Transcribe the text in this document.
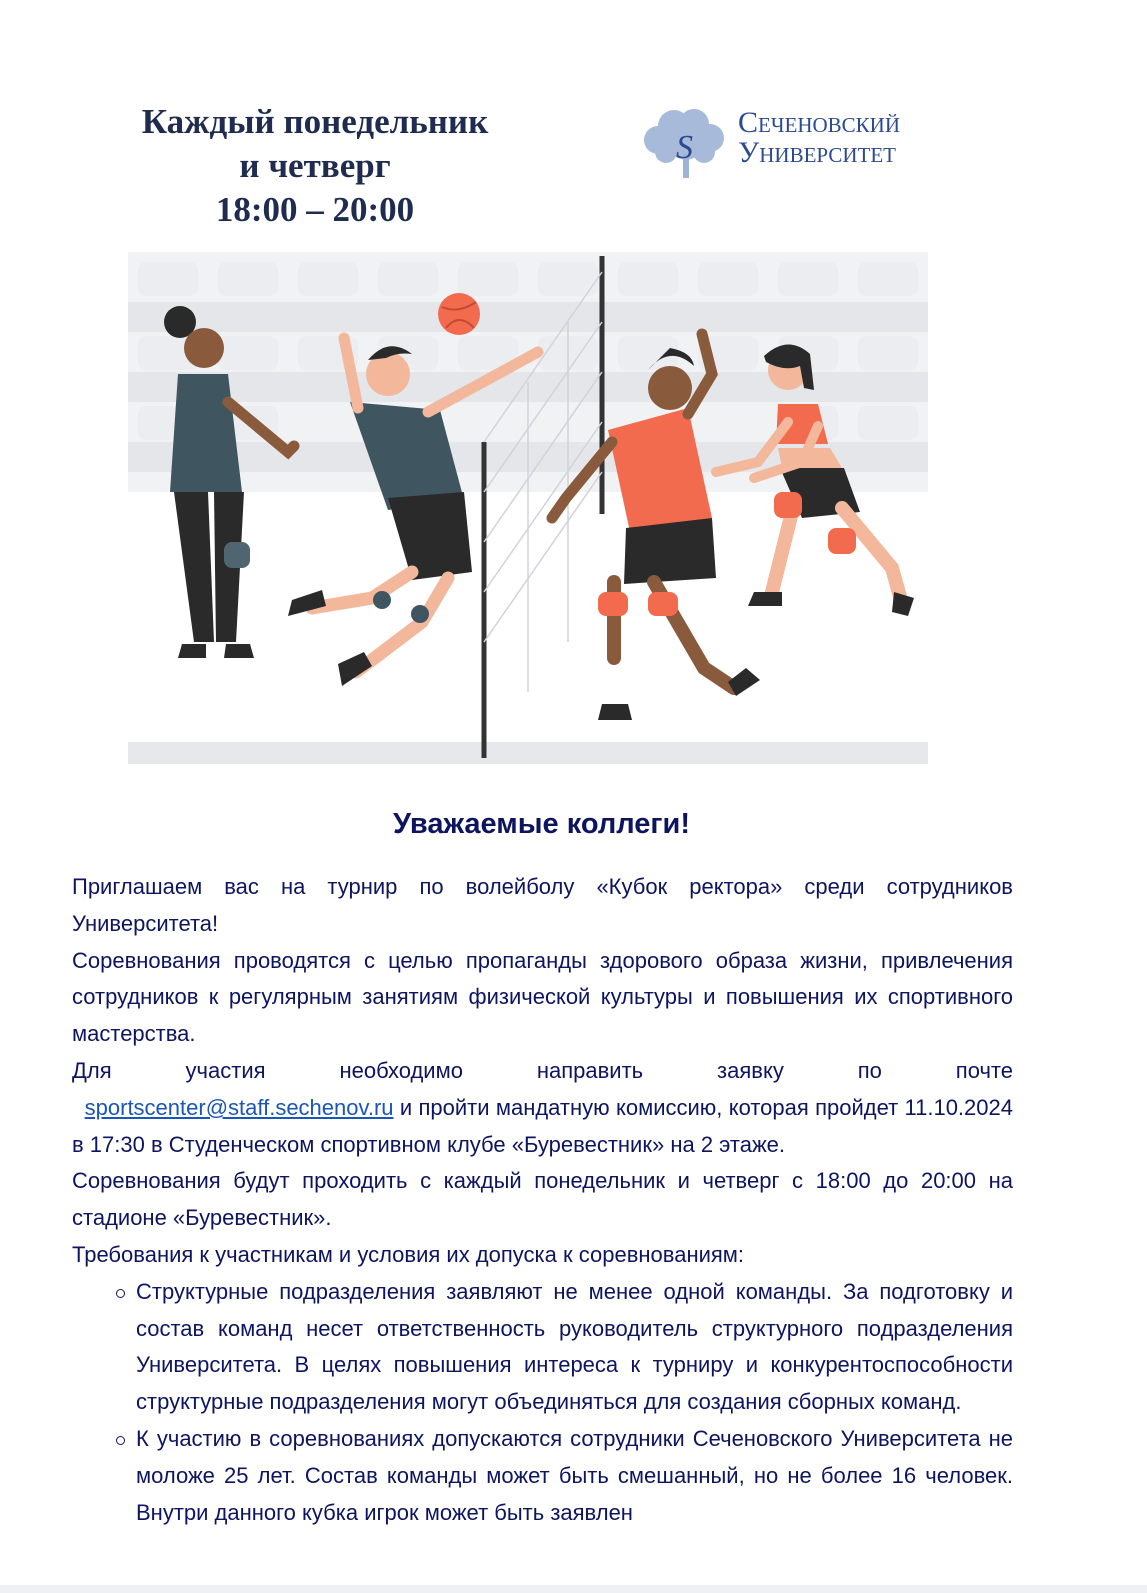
Каждый понедельник
и четверг
18:00 – 20:00
S
Сеченовский
Университет
Уважаемые коллеги!

Приглашаем вас на турнир по волейболу «Кубок ректора» среди сотрудников Университета!

Соревнования проводятся с целью пропаганды здорового образа жизни, привлечения сотрудников к регулярным занятиям физической культуры и повышения их спортивного мастерства.

Для участия необходимо направить заявку по почте

sportscenter@staff.sechenov.ru и пройти мандатную комиссию, которая пройдет 11.10.2024 в 17:30 в Студенческом спортивном клубе «Буревестник» на 2 этаже.

Соревнования будут проходить с каждый понедельник и четверг с 18:00 до 20:00 на стадионе «Буревестник».

Требования к участникам и условия их допуска к соревнованиям:

Структурные подразделения заявляют не менее одной команды. За подготовку и состав команд несет ответственность руководитель структурного подразделения Университета. В целях повышения интереса к турниру и конкурентоспособности структурные подразделения могут объединяться для создания сборных команд.
К участию в соревнованиях допускаются сотрудники Сеченовского Университета не моложе 25 лет. Состав команды может быть смешанный, но не более 16 человек. Внутри данного кубка игрок может быть заявлен
